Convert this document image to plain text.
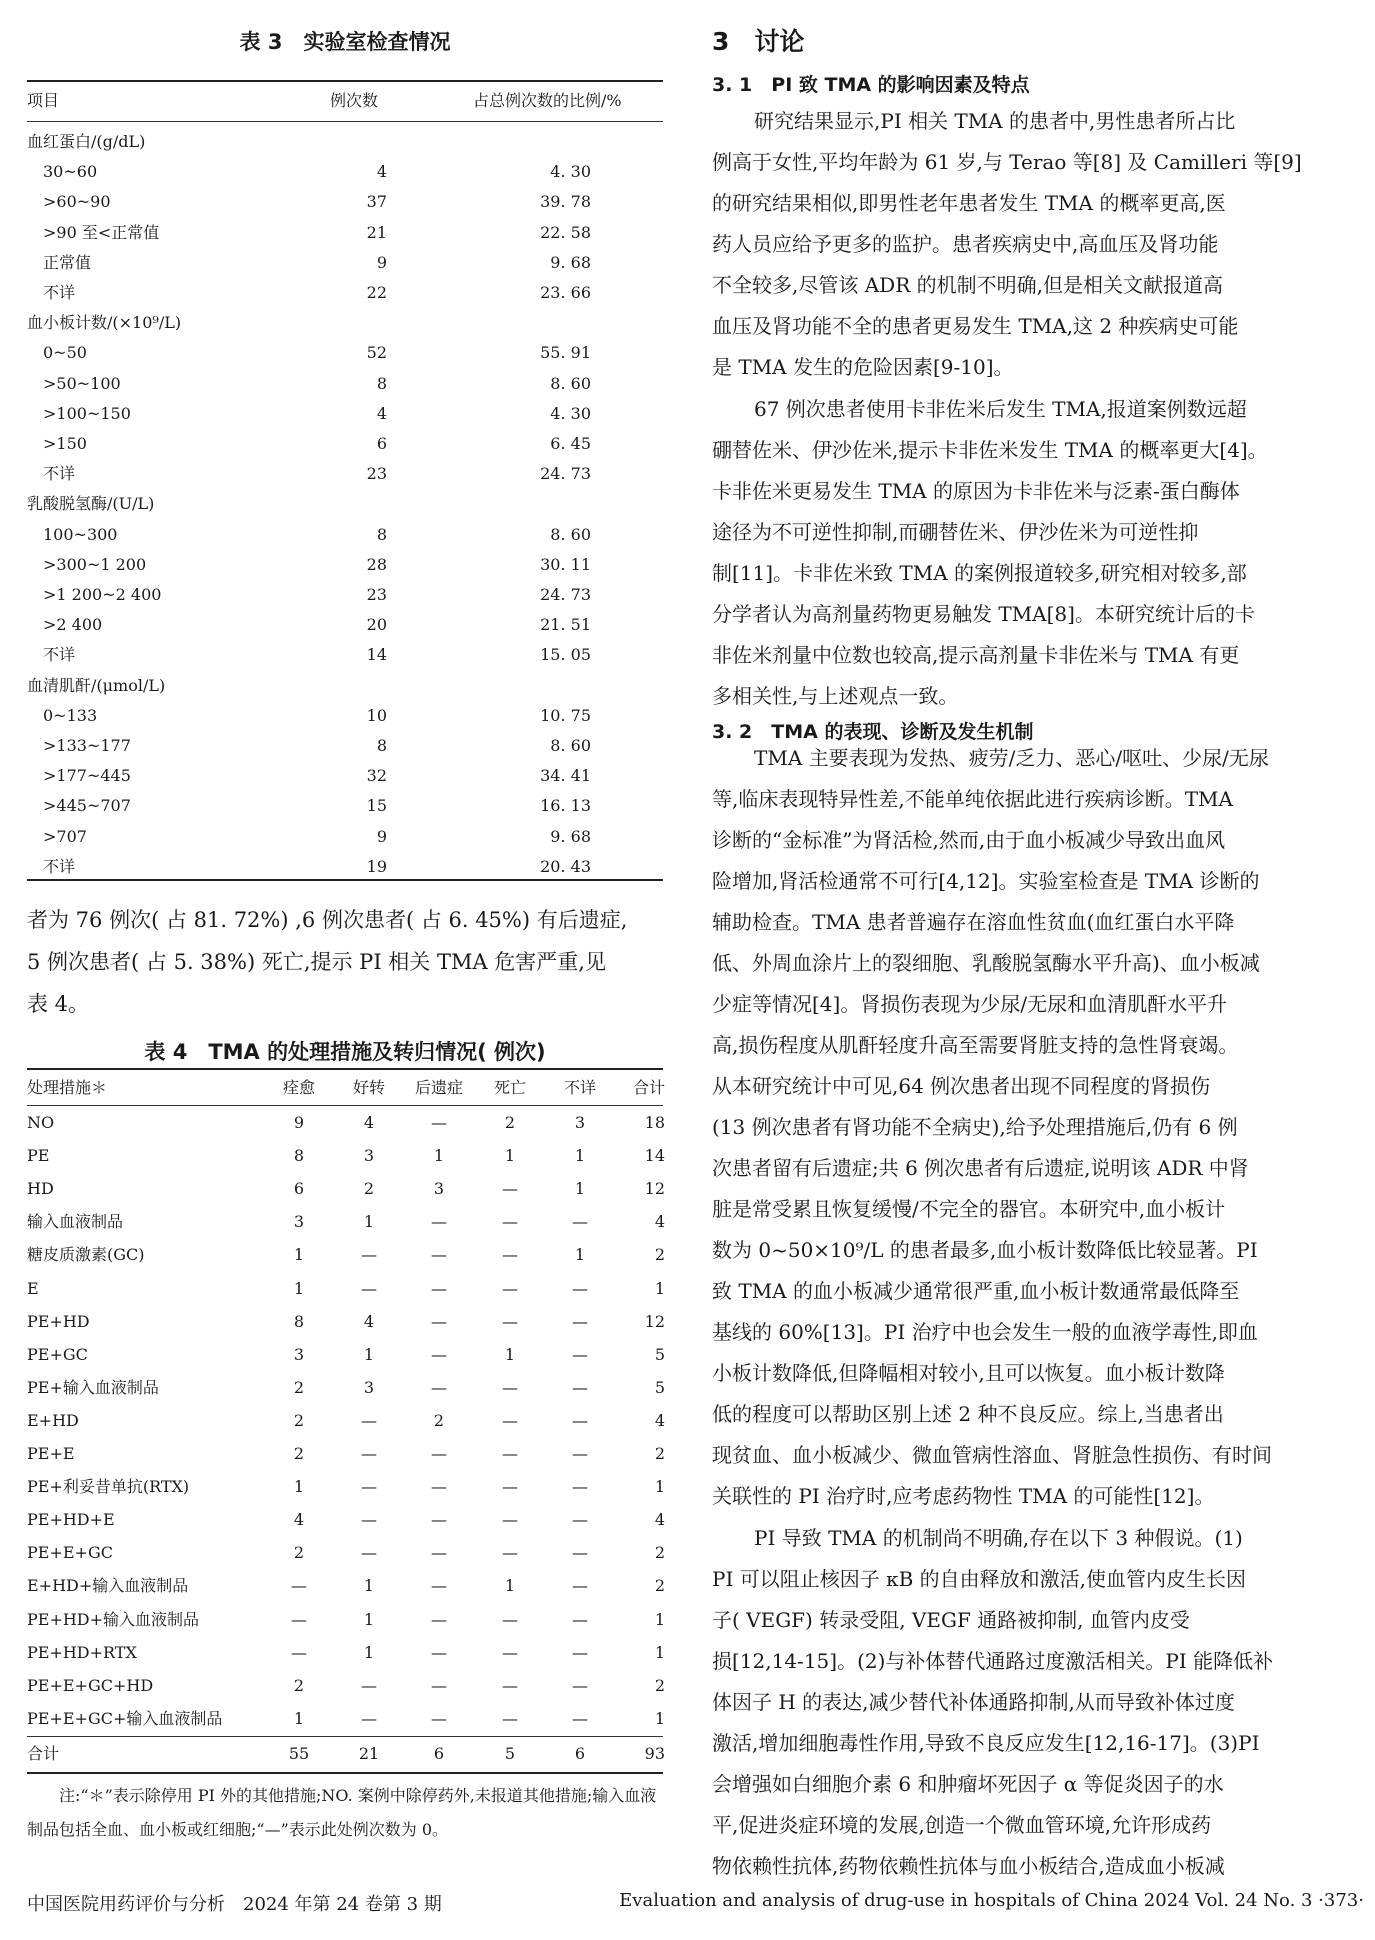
表 3　实验室检查情况
项目	例次数	占总例次数的比例/%
血红蛋白/(g/dL)
30~60	4	4. 30
>60~90	37	39. 78
>90 至<正常值	21	22. 58
正常值	9	9. 68
不详	22	23. 66
血小板计数/(×10⁹/L)
0~50	52	55. 91
>50~100	8	8. 60
>100~150	4	4. 30
>150	6	6. 45
不详	23	24. 73
乳酸脱氢酶/(U/L)
100~300	8	8. 60
>300~1 200	28	30. 11
>1 200~2 400	23	24. 73
>2 400	20	21. 51
不详	14	15. 05
血清肌酐/(μmol/L)
0~133	10	10. 75
>133~177	8	8. 60
>177~445	32	34. 41
>445~707	15	16. 13
>707	9	9. 68
不详	19	20. 43
者为 76 例次( 占 81. 72%) ,6 例次患者( 占 6. 45%) 有后遗症,
5 例次患者( 占 5. 38%) 死亡,提示 PI 相关 TMA 危害严重,见
表 4。
表 4　TMA 的处理措施及转归情况( 例次)
处理措施＊	痊愈	好转	后遗症	死亡	不详	合计
NO	9	4	—	2	3	18
PE	8	3	1	1	1	14
HD	6	2	3	—	1	12
输入血液制品	3	1	—	—	—	4
糖皮质激素(GC)	1	—	—	—	1	2
E	1	—	—	—	—	1
PE+HD	8	4	—	—	—	12
PE+GC	3	1	—	1	—	5
PE+输入血液制品	2	3	—	—	—	5
E+HD	2	—	2	—	—	4
PE+E	2	—	—	—	—	2
PE+利妥昔单抗(RTX)	1	—	—	—	—	1
PE+HD+E	4	—	—	—	—	4
PE+E+GC	2	—	—	—	—	2
E+HD+输入血液制品	—	1	—	1	—	2
PE+HD+输入血液制品	—	1	—	—	—	1
PE+HD+RTX	—	1	—	—	—	1
PE+E+GC+HD	2	—	—	—	—	2
PE+E+GC+输入血液制品	1	—	—	—	—	1
合计	55	21	6	5	6	93
注:“＊”表示除停用 PI 外的其他措施;NO. 案例中除停药外,未报道其他措施;输入血液
制品包括全血、血小板或红细胞;“—”表示此处例次数为 0。
中国医院用药评价与分析　2024 年第 24 卷第 3 期
3　讨论
3. 1　PI 致 TMA 的影响因素及特点
研究结果显示,PI 相关 TMA 的患者中,男性患者所占比
例高于女性,平均年龄为 61 岁,与 Terao 等[8] 及 Camilleri 等[9]
的研究结果相似,即男性老年患者发生 TMA 的概率更高,医
药人员应给予更多的监护。患者疾病史中,高血压及肾功能
不全较多,尽管该 ADR 的机制不明确,但是相关文献报道高
血压及肾功能不全的患者更易发生 TMA,这 2 种疾病史可能
是 TMA 发生的危险因素[9-10]。
67 例次患者使用卡非佐米后发生 TMA,报道案例数远超
硼替佐米、伊沙佐米,提示卡非佐米发生 TMA 的概率更大[4]。
卡非佐米更易发生 TMA 的原因为卡非佐米与泛素-蛋白酶体
途径为不可逆性抑制,而硼替佐米、伊沙佐米为可逆性抑
制[11]。卡非佐米致 TMA 的案例报道较多,研究相对较多,部
分学者认为高剂量药物更易触发 TMA[8]。本研究统计后的卡
非佐米剂量中位数也较高,提示高剂量卡非佐米与 TMA 有更
多相关性,与上述观点一致。
3. 2　TMA 的表现、诊断及发生机制
TMA 主要表现为发热、疲劳/乏力、恶心/呕吐、少尿/无尿
等,临床表现特异性差,不能单纯依据此进行疾病诊断。TMA
诊断的“金标准”为肾活检,然而,由于血小板减少导致出血风
险增加,肾活检通常不可行[4,12]。实验室检查是 TMA 诊断的
辅助检查。TMA 患者普遍存在溶血性贫血(血红蛋白水平降
低、外周血涂片上的裂细胞、乳酸脱氢酶水平升高)、血小板减
少症等情况[4]。肾损伤表现为少尿/无尿和血清肌酐水平升
高,损伤程度从肌酐轻度升高至需要肾脏支持的急性肾衰竭。
从本研究统计中可见,64 例次患者出现不同程度的肾损伤
(13 例次患者有肾功能不全病史),给予处理措施后,仍有 6 例
次患者留有后遗症;共 6 例次患者有后遗症,说明该 ADR 中肾
脏是常受累且恢复缓慢/不完全的器官。本研究中,血小板计
数为 0~50×10⁹/L 的患者最多,血小板计数降低比较显著。PI
致 TMA 的血小板减少通常很严重,血小板计数通常最低降至
基线的 60%[13]。PI 治疗中也会发生一般的血液学毒性,即血
小板计数降低,但降幅相对较小,且可以恢复。血小板计数降
低的程度可以帮助区别上述 2 种不良反应。综上,当患者出
现贫血、血小板减少、微血管病性溶血、肾脏急性损伤、有时间
关联性的 PI 治疗时,应考虑药物性 TMA 的可能性[12]。
PI 导致 TMA 的机制尚不明确,存在以下 3 种假说。(1)
PI 可以阻止核因子 κB 的自由释放和激活,使血管内皮生长因
子( VEGF) 转录受阻, VEGF 通路被抑制, 血管内皮受
损[12,14-15]。(2)与补体替代通路过度激活相关。PI 能降低补
体因子 H 的表达,减少替代补体通路抑制,从而导致补体过度
激活,增加细胞毒性作用,导致不良反应发生[12,16-17]。(3)PI
会增强如白细胞介素 6 和肿瘤坏死因子 α 等促炎因子的水
平,促进炎症环境的发展,创造一个微血管环境,允许形成药
物依赖性抗体,药物依赖性抗体与血小板结合,造成血小板减
Evaluation and analysis of drug-use in hospitals of China 2024 Vol. 24 No. 3 ·373·
